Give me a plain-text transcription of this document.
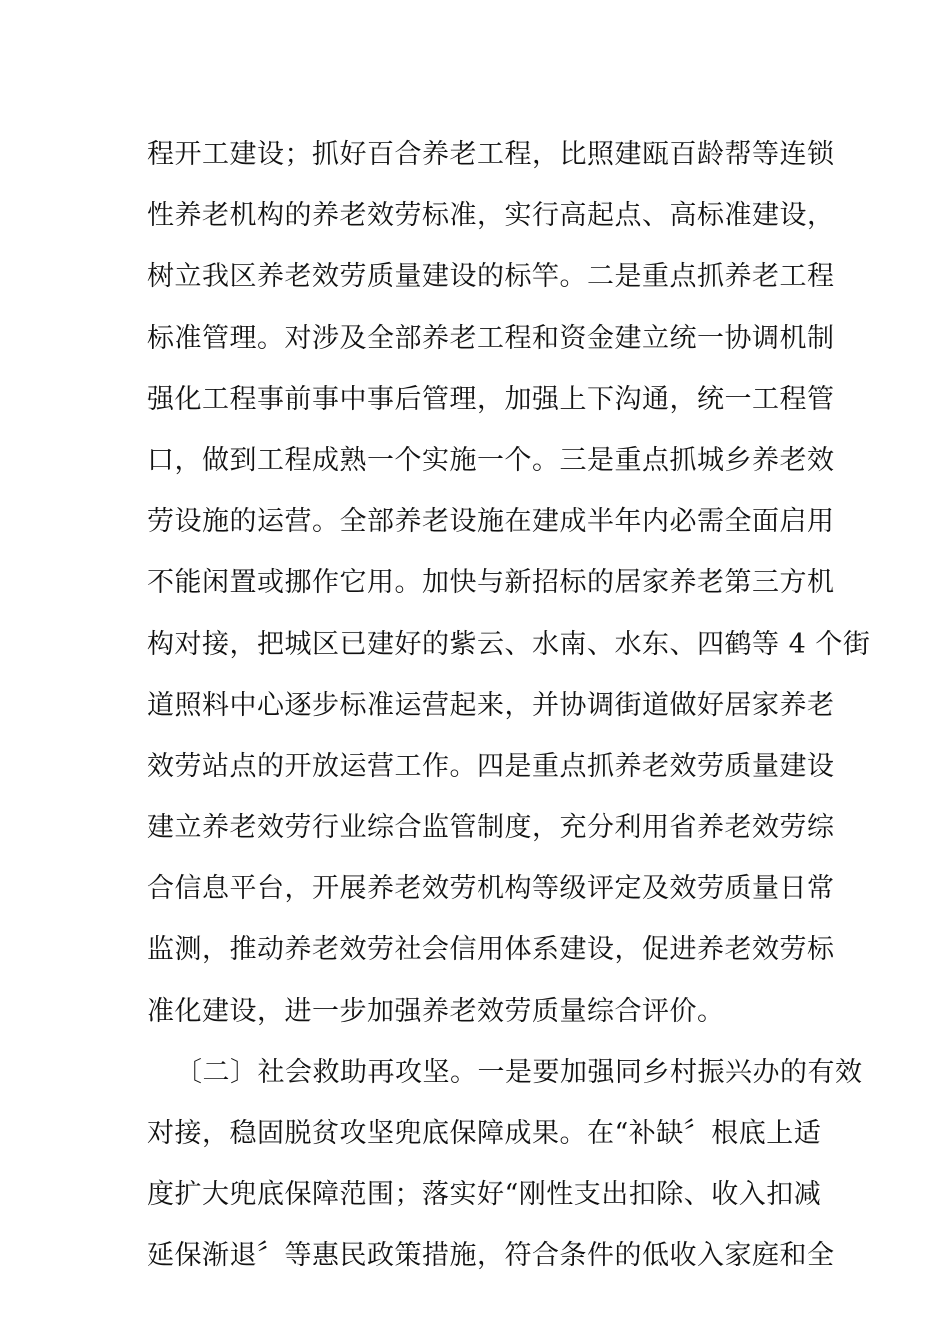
程开工建设；抓好百合养老工程，比照建瓯百龄帮等连锁
性养老机构的养老效劳标准，实行高起点、高标准建设，
树立我区养老效劳质量建设的标竿。二是重点抓养老工程
标准管理。对涉及全部养老工程和资金建立统一协调机制
强化工程事前事中事后管理，加强上下沟通，统一工程管
口，做到工程成熟一个实施一个。三是重点抓城乡养老效
劳设施的运营。全部养老设施在建成半年内必需全面启用
不能闲置或挪作它用。加快与新招标的居家养老第三方机
构对接，把城区已建好的紫云、水南、水东、四鹤等 4 个街
道照料中心逐步标准运营起来，并协调街道做好居家养老
效劳站点的开放运营工作。四是重点抓养老效劳质量建设
建立养老效劳行业综合监管制度，充分利用省养老效劳综
合信息平台，开展养老效劳机构等级评定及效劳质量日常
监测，推动养老效劳社会信用体系建设，促进养老效劳标
准化建设，进一步加强养老效劳质量综合评价。
〔二〕社会救助再攻坚。一是要加强同乡村振兴办的有效
对接，稳固脱贫攻坚兜底保障成果。在“补缺〞根底上适
度扩大兜底保障范围；落实好“刚性支出扣除、收入扣减
延保渐退〞等惠民政策措施，符合条件的低收入家庭和全
